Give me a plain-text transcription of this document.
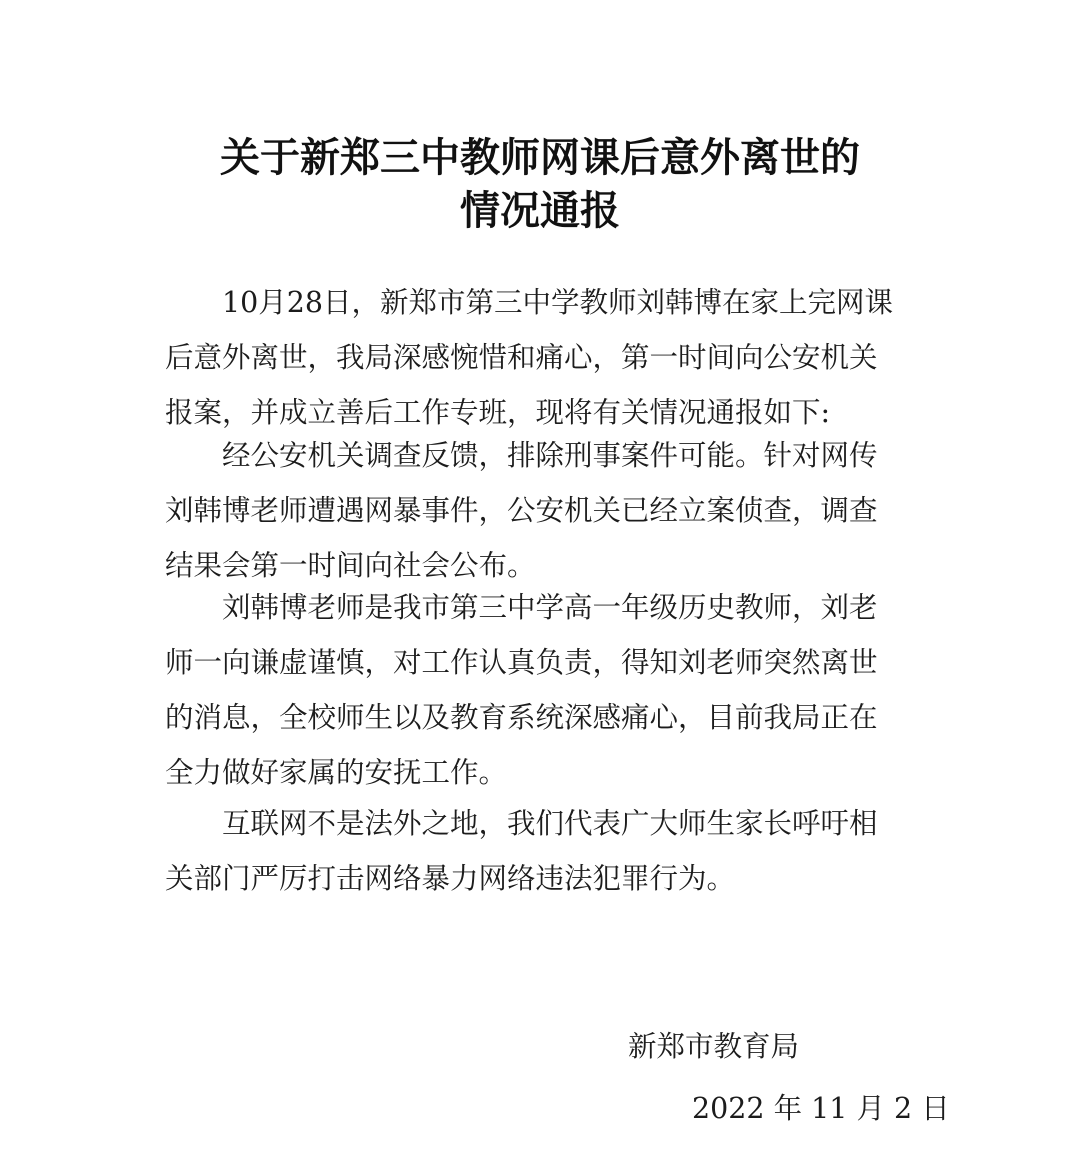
关于新郑三中教师网课后意外离世的
情况通报
10月28日，新郑市第三中学教师刘韩博在家上完网课
后意外离世，我局深感惋惜和痛心，第一时间向公安机关
报案，并成立善后工作专班，现将有关情况通报如下:
经公安机关调查反馈，排除刑事案件可能。针对网传
刘韩博老师遭遇网暴事件，公安机关已经立案侦查，调查
结果会第一时间向社会公布。
刘韩博老师是我市第三中学高一年级历史教师，刘老
师一向谦虚谨慎，对工作认真负责，得知刘老师突然离世
的消息，全校师生以及教育系统深感痛心，目前我局正在
全力做好家属的安抚工作。
互联网不是法外之地，我们代表广大师生家长呼吁相
关部门严厉打击网络暴力网络违法犯罪行为。
新郑市教育局
2022 年 11 月 2 日
